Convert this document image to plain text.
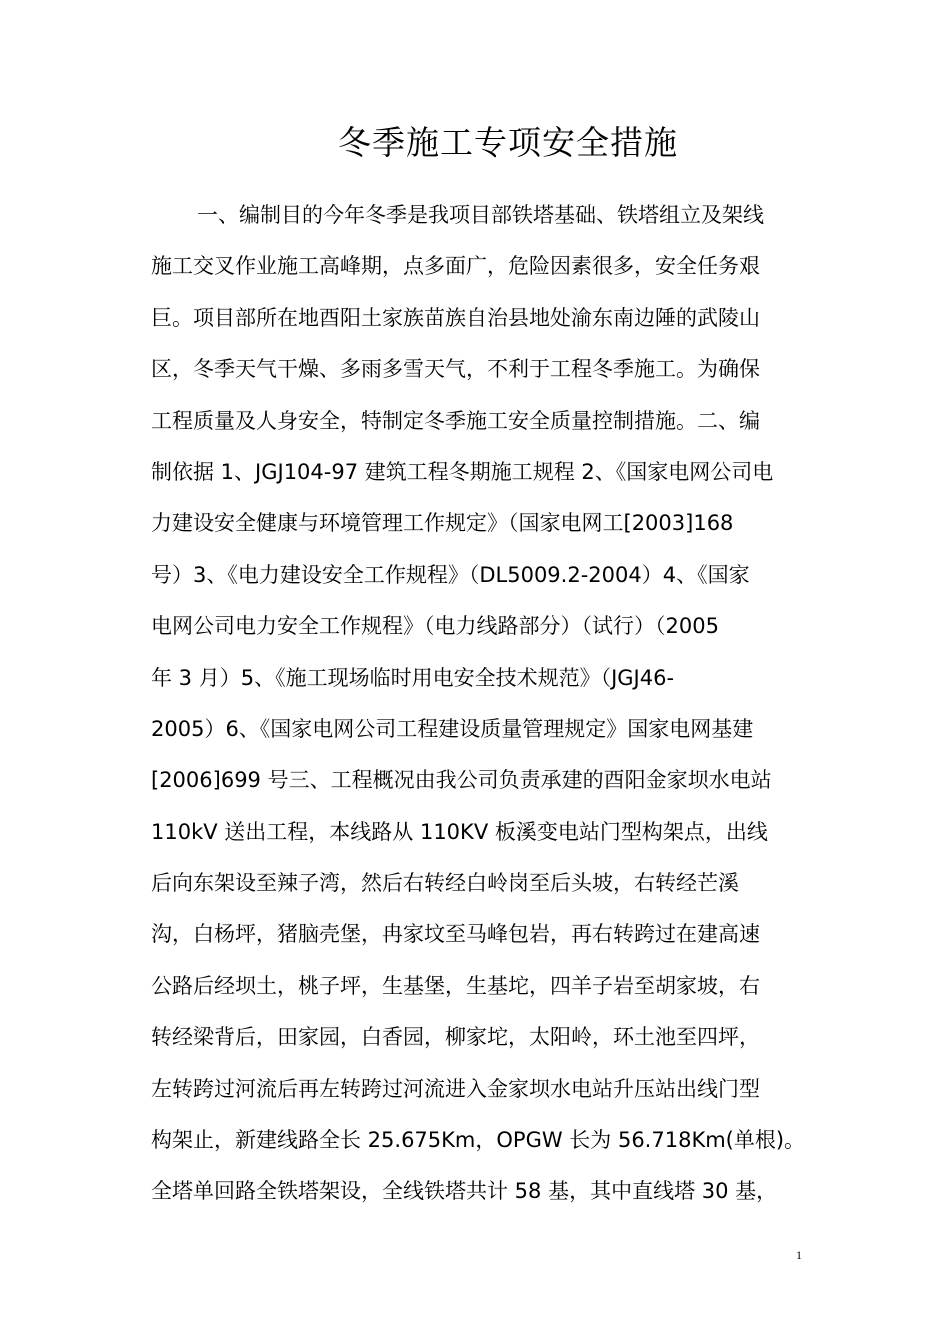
冬季施工专项安全措施
一、编制目的今年冬季是我项目部铁塔基础、铁塔组立及架线
施工交叉作业施工高峰期，点多面广，危险因素很多，安全任务艰
巨。项目部所在地酉阳土家族苗族自治县地处渝东南边陲的武陵山
区，冬季天气干燥、多雨多雪天气，不利于工程冬季施工。为确保
工程质量及人身安全，特制定冬季施工安全质量控制措施。二、编
制依据 1、JGJ104-97 建筑工程冬期施工规程 2、《国家电网公司电
力建设安全健康与环境管理工作规定》（国家电网工[2003]168
号）3、《电力建设安全工作规程》（DL5009.2-2004）4、《国家
电网公司电力安全工作规程》（电力线路部分）（试行）（2005
年 3 月）5、《施工现场临时用电安全技术规范》（JGJ46-
2005）6、《国家电网公司工程建设质量管理规定》国家电网基建
[2006]699 号三、工程概况由我公司负责承建的酉阳金家坝水电站
110kV 送出工程，本线路从 110KV 板溪变电站门型构架点，出线
后向东架设至辣子湾，然后右转经白岭岗至后头坡，右转经芒溪
沟，白杨坪，猪脑壳堡，冉家坟至马峰包岩，再右转跨过在建高速
公路后经坝土，桃子坪，生基堡，生基坨，四羊子岩至胡家坡，右
转经梁背后，田家园，白香园，柳家坨，太阳岭，环土池至四坪，
左转跨过河流后再左转跨过河流进入金家坝水电站升压站出线门型
构架止，新建线路全长 25.675Km，OPGW 长为 56.718Km(单根)。
全塔单回路全铁塔架设，全线铁塔共计 58 基，其中直线塔 30 基，
1
